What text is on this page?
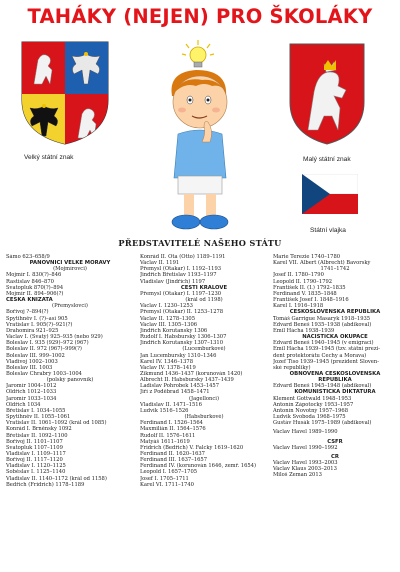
TAHÁKY (NEJEN) PRO ŠKOLÁKY
Velký státní znak	Malý státní znak
Státní vlajka
PŘEDSTAVITELÉ NAŠEHO STÁTU
Sámo 623–658/9
PANOVNÍCI VELKÉ MORAVY
(Mojmírovci)
Mojmír I. 830(?)–846
Rastislav 846–870
Svatopluk 870(?)–894
Mojmír II. 894–906(?)
ČESKÁ KNÍŽATA
(Přemyslovci)
Bořivoj ?–894(?)
Spytihněv I. (?)–asi 905
Vratislav I. 905(?)–921(?)
Drahomíra 921–925
Václav I. (Svatý) 925–935 (nebo 929)
Boleslav I. 935 (929)–972 (967)
Boleslav II. 972 (967)–999(?)
Boleslav III. 999–1002
Vladivoj 1002–1003
Boleslav III. 1003
Boleslav Chrabrý 1003–1004
(polský panovník)
Jaromír 1004–1012
Oldřich 1012–1033
Jaromír 1033–1034
Oldřich 1034
Břetislav I. 1034–1055
Spytihněv II. 1055–1061
Vratislav II. 1061–1092 (král od 1085)
Konrád I. Brněnský 1092
Břetislav II. 1092–1100
Bořivoj II. 1101–1107
Svatopluk 1107–1109
Vladislav I. 1109–1117
Bořivoj II. 1117–1120
Vladislav I. 1120–1125
Soběslav I. 1125–1140
Vladislav II. 1140–1172 (král od 1158)
Bedřich (Fridrich) 1178–1189
Konrád II. Ota (Otto) 1189–1191
Václav II. 1191
Přemysl (Otakar) I. 1192–1193
Jindřich Břetislav 1193–1197
Vladislav (Jindřich) 1197
ČEŠTÍ KRÁLOVÉ
Přemysl (Otakar) I. 1197–1230
(král od 1198)
Václav I. 1230–1253
Přemysl (Otakar) II. 1253–1278
Václav II. 1278–1305
Václav III. 1305–1306
Jindřich Korutanský 1306
Rudolf I. Habsburský 1306–1307
Jindřich Korutanský 1307–1310
(Lucemburkové)
Jan Lucemburský 1310–1346
Karel IV. 1346–1378
Václav IV. 1378–1419
Zikmund 1436–1437 (korunován 1420)
Albrecht II. Habsburský 1437–1439
Ladislav Pohrobek 1453–1457
Jiří z Poděbrad 1458–1471
(Jagellonci)
Vladislav II. 1471–1516
Ludvík 1516–1526
(Habsburkové)
Ferdinand I. 1526–1564
Maxmilián II. 1564–1576
Rudolf II. 1576–1611
Matyáš 1611–1619
Fridrich (Bedřich) V. Falcký 1619–1620
Ferdinand II. 1620–1637
Ferdinand III. 1637–1657
Ferdinand IV. (korunován 1646, zemř. 1654)
Leopold I. 1657–1705
Josef I. 1705–1711
Karel VI. 1711–1740
Marie Terezie 1740–1780
Karel VII. Albert (Albrecht) Bavorský
1741–1742
Josef II. 1780–1790
Leopold II. 1790–1792
František II. (I.) 1792–1835
Ferdinand V. 1835–1848
František Josef I. 1848–1916
Karel I. 1916–1918
ČESKOSLOVENSKÁ REPUBLIKA
Tomáš Garrigue Masaryk 1918–1935
Edvard Beneš 1935–1938 (abdikoval)
Emil Hácha 1938–1939
NACISTICKÁ OKUPACE
Edvard Beneš 1940–1945 (v emigraci)
Emil Hácha 1939–1945 (tzv. státní prezi-
dent protektorátu Čechy a Morava)
Jozef Tiso 1939–1945 (prezident Sloven-
ské republiky)
OBNOVENÁ ČESKOSLOVENSKÁ
REPUBLIKA
Edvard Beneš 1945–1948 (abdikoval)
KOMUNISTICKÁ DIKTATURA
Klement Gottwald 1948–1953
Antonín Zápotocký 1953–1957
Antonín Novotný 1957–1968
Ludvík Svoboda 1968–1975
Gustáv Husák 1975–1989 (abdikoval)
Václav Havel 1989–1990
ČSFR
Václav Havel 1990–1992
ČR
Václav Havel 1993–2003
Václav Klaus 2003–2013
Miloš Zeman 2013
